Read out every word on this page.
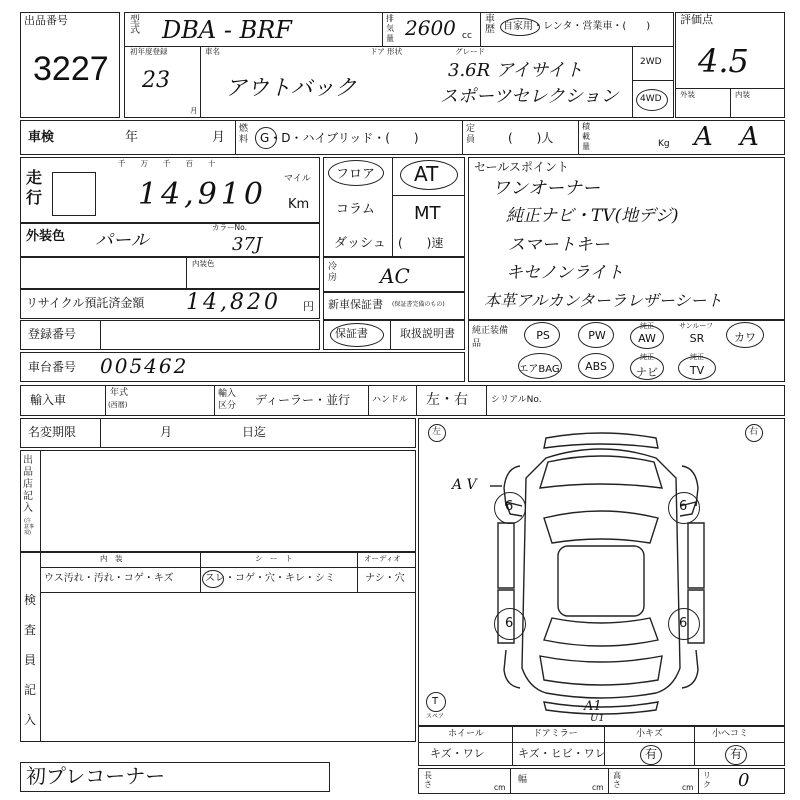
出品番号
3227
型式 DBA - BRF	排気量 2600 cc
車歴 自家用・レンタ・営業車・(　　)
評価点
4.5
外装	内装
初年度登録
23
月
車名
アウトバック
ドア 形状	グレード
3.6R アイサイト
スポーツセレクション
2WD
4WD
A A
車検	年	月
燃料 G・D・ハイブリッド・(　　)
定員	(　　)人
積載量	Kg
走行
千　　万　　千　　百　　十
14,910 マイル
Km
フロア
コラム
ダッシュ
AT
MT
(　　)速
セールスポイント
ワンオーナー
純正ナビ・TV(地デジ)
スマートキー
キセノンライト
本革アルカンターラレザーシート
外装色 パール
カラーNo.
37J
内装色	冷房 AC
リサイクル預託済金額 14,820 円 新車保証書 (保証書完備のもの)
登録番号	保証書	取扱説明書 純正装備品
PS	PW
純正
AW
サンルーフ
SR	カワ
エアBAG	ABS
純正
ナビ
純正
TV
車台番号 005462
輸入車	年式
(西暦)
輸入区分	ディーラー・並行 ハンドル 左・右	シリアルNo.
名変期限	月	日迄
出品店記入
(注意事項)
検査員記入
内　装	シ　ー　ト	オーディオ
ウス汚れ・汚れ・コゲ・キズ	スレ・コゲ・穴・キレ・シミ	ナシ・穴
左	右
6	6
6	6
A V
A1
U1
T
スペア
ホイール
キズ・ワレ
ドアミラー
キズ・ヒビ・ワレ
小キズ
有
小ヘコミ
有
初プレコーナー	長さ	cm
幅
cm
高さ	cm
リク 0
